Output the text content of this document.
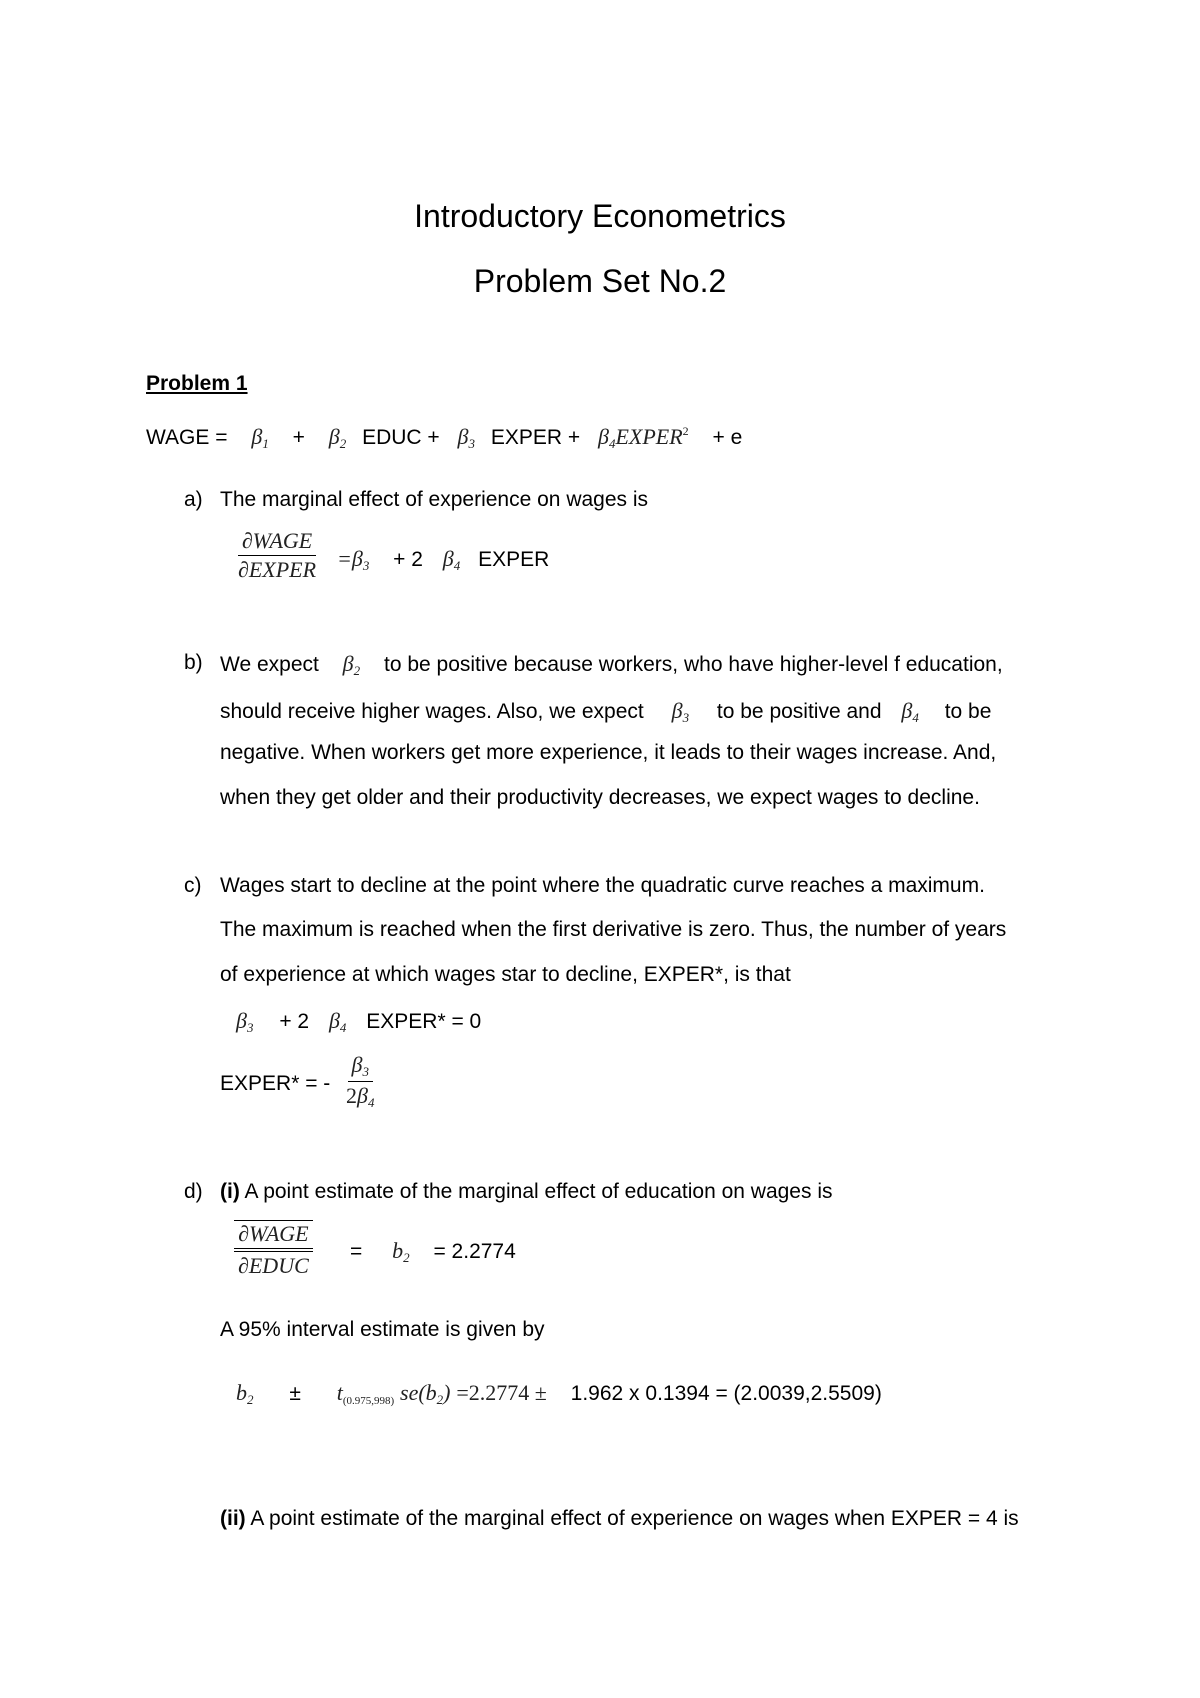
Introductory Econometrics
Problem Set No.2
Problem 1
WAGE = $\beta_1 + \beta_2$ EDUC + $\beta_3$ EXPER + $\beta_4EXPER^2 + e$
a) The marginal effect of experience on wages is
∂WAGE
∂EXPER $=\beta_3 + 2$ $\beta_4$ EXPER
b) We expect $\beta_2$ to be positive because workers, who have higher-level f education,
should receive higher wages. Also, we expect $\beta_3$ to be positive and $\beta_4$ to be
negative. When workers get more experience, it leads to their wages increase. And,
when they get older and their productivity decreases, we expect wages to decline.
c) Wages start to decline at the point where the quadratic curve reaches a maximum.
The maximum is reached when the first derivative is zero. Thus, the number of years
of experience at which wages star to decline, EXPER*, is that
$\beta_3 + 2$ $\beta_4$ EXPER* = 0
EXPER* = - $\frac{\beta_3}{2\beta_4}$
d) (i) A point estimate of the marginal effect of education on wages is
∂WAGE
∂EDUC
= $b_2 = 2.2774$
A 95% interval estimate is given by
$b_2 \pm t_{(0.975,998)}$ $se(b_2) =2.2774 \pm 1.962$ x 0.1394 = (2.0039,2.5509)
(ii) A point estimate of the marginal effect of experience on wages when EXPER = 4 is
